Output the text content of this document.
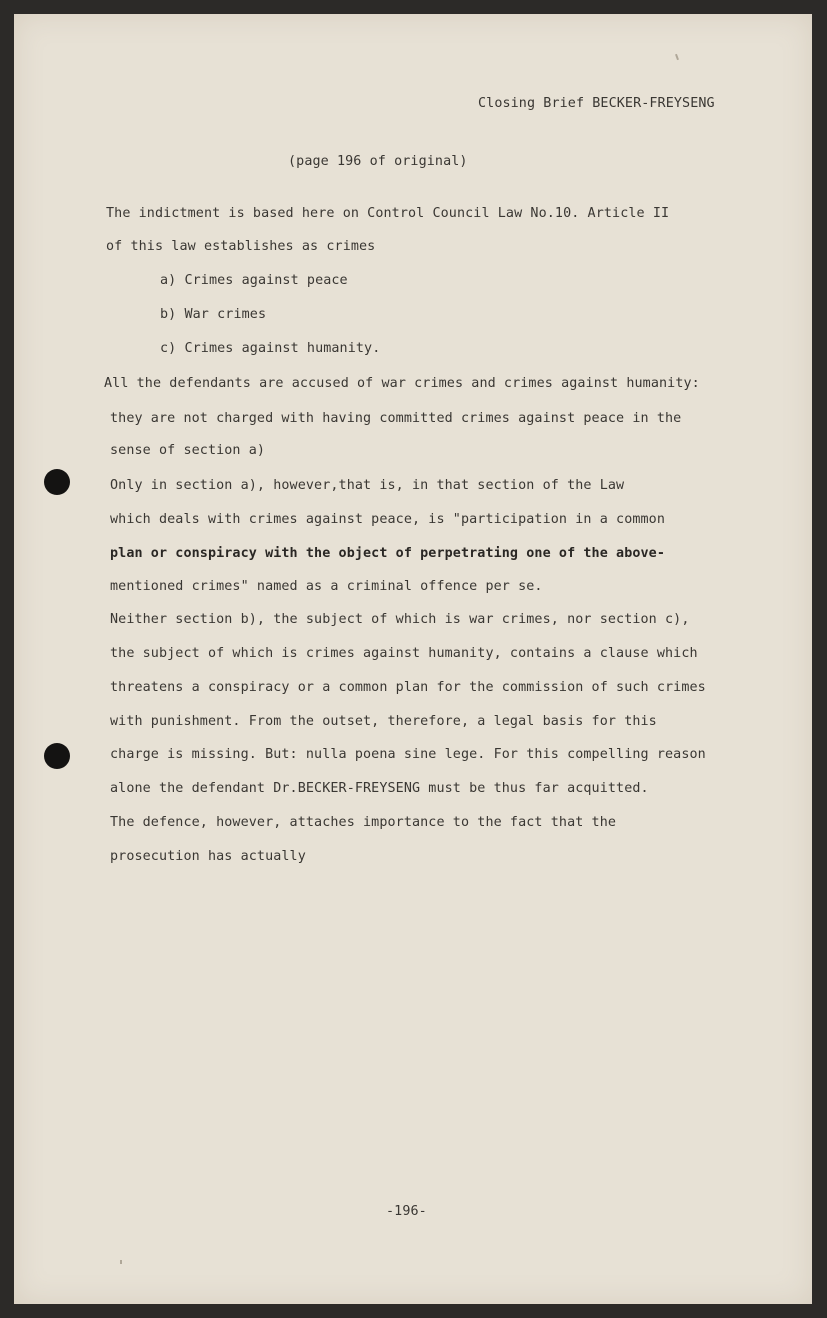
Closing Brief BECKER-FREYSENG
(page 196 of original)
The indictment is based here on Control Council Law No.10. Article II
of this law establishes as crimes
a) Crimes against peace
b) War crimes
c) Crimes against humanity.
All the defendants are accused of war crimes and crimes against humanity:
they are not charged with having committed crimes against peace in the
sense of section a)
Only in section a), however,that is, in that section of the Law
which deals with crimes against peace, is "participation in a common
plan or conspiracy with the object of perpetrating one of the above-
mentioned crimes" named as a criminal offence per se.
Neither section b), the subject of which is war crimes, nor section c),
the subject of which is crimes against humanity, contains a clause which
threatens a conspiracy or a common plan for the commission of such crimes
with punishment. From the outset, therefore, a legal basis for this
charge is missing. But: nulla poena sine lege. For this compelling reason
alone the defendant Dr.BECKER-FREYSENG must be thus far acquitted.
The defence, however, attaches importance to the fact that the
prosecution has actually
-196-
